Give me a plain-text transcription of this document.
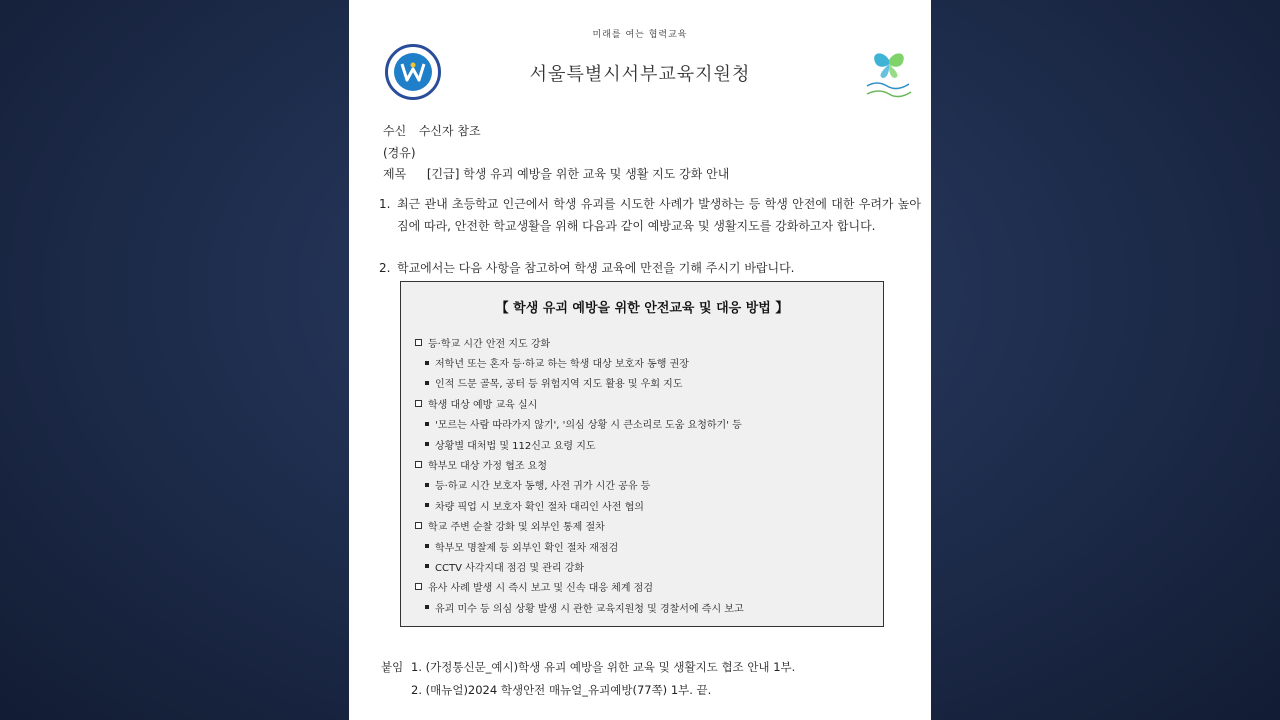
미래를 여는 협력교육
서울특별시서부교육지원청
수신 수신자 참조
(경유)
제목 [긴급] 학생 유괴 예방을 위한 교육 및 생활 지도 강화 안내
1. 최근 관내 초등학교 인근에서 학생 유괴를 시도한 사례가 발생하는 등 학생 안전에 대한 우려가 높아짐에 따라, 안전한 학교생활을 위해 다음과 같이 예방교육 및 생활지도를 강화하고자 합니다.
2. 학교에서는 다음 사항을 참고하여 학생 교육에 만전을 기해 주시기 바랍니다.
【 학생 유괴 예방을 위한 안전교육 및 대응 방법 】
등·학교 시간 안전 지도 강화
저학년 또는 혼자 등·하교 하는 학생 대상 보호자 동행 권장
인적 드문 골목, 공터 등 위험지역 지도 활용 및 우회 지도
학생 대상 예방 교육 실시
'모르는 사람 따라가지 않기', '의심 상황 시 큰소리로 도움 요청하기' 등
상황별 대처법 및 112신고 요령 지도
학부모 대상 가정 협조 요청
등·하교 시간 보호자 동행, 사전 귀가 시간 공유 등
차량 픽업 시 보호자 확인 절차 대리인 사전 협의
학교 주변 순찰 강화 및 외부인 통제 절차
학부모 명찰제 등 외부인 확인 절차 재점검
CCTV 사각지대 점검 및 관리 강화
유사 사례 발생 시 즉시 보고 및 신속 대응 체계 점검
유괴 미수 등 의심 상황 발생 시 관한 교육지원청 및 경찰서에 즉시 보고
붙임 1. (가정통신문_예시)학생 유괴 예방을 위한 교육 및 생활지도 협조 안내 1부.
2. (매뉴얼)2024 학생안전 매뉴얼_유괴예방(77쪽) 1부. 끝.
